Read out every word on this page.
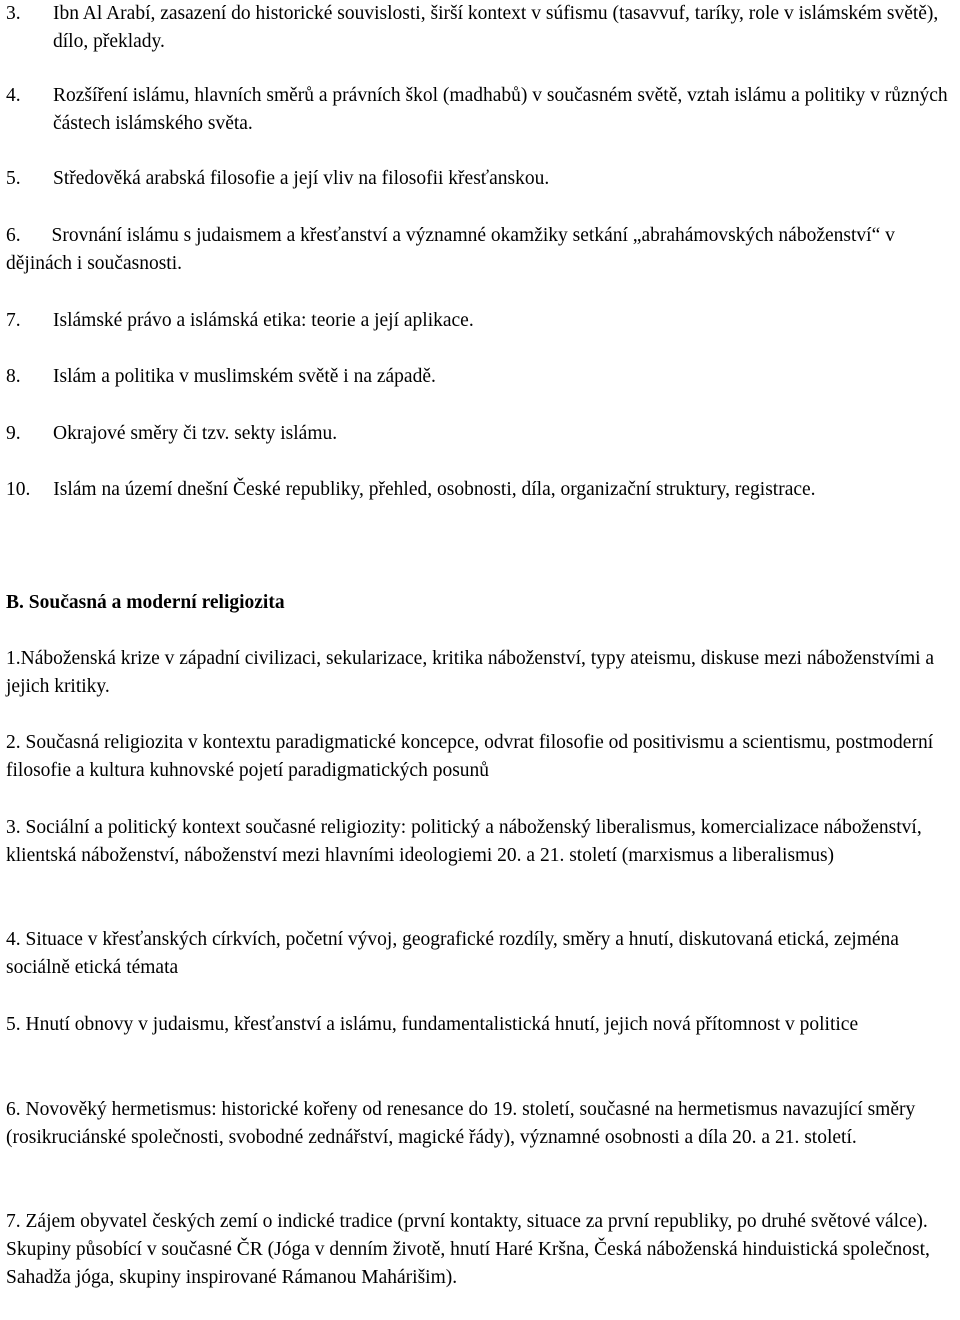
3.	Ibn Al Arabí, zasazení do historické souvislosti, širší kontext v súfismu (tasavvuf, taríky, role v islámském světě), dílo, překlady.
4.	Rozšíření islámu, hlavních směrů a právních škol (madhabů) v současném světě, vztah islámu a politiky v různých částech islámského světa.
5.	Středověká arabská filosofie a její vliv na filosofii křesťanskou.
6. Srovnání islámu s judaismem a křesťanství a významné okamžiky setkání „abrahámovských náboženství“ v dějinách i současnosti.
7.	Islámské právo a islámská etika: teorie a její aplikace.
8.	Islám a politika v muslimském světě i na západě.
9.	Okrajové směry či tzv. sekty islámu.
10. Islám na území dnešní České republiky, přehled, osobnosti, díla, organizační struktury, registrace.
B. Současná a moderní religiozita

1.Náboženská krize v západní civilizaci, sekularizace, kritika náboženství, typy ateismu, diskuse mezi náboženstvími a jejich kritiky.

2. Současná religiozita v kontextu paradigmatické koncepce, odvrat filosofie od positivismu a scientismu, postmoderní filosofie a kultura kuhnovské pojetí paradigmatických posunů

3. Sociální a politický kontext současné religiozity: politický a náboženský liberalismus, komercializace náboženství, klientská náboženství, náboženství mezi hlavními ideologiemi 20. a 21. století (marxismus a liberalismus)

4. Situace v křesťanských církvích, početní vývoj, geografické rozdíly, směry a hnutí, diskutovaná etická, zejména sociálně etická témata

5. Hnutí obnovy v judaismu, křesťanství a islámu, fundamentalistická hnutí, jejich nová přítomnost v politice

6. Novověký hermetismus: historické kořeny od renesance do 19. století, současné na hermetismus navazující směry (rosikruciánské společnosti, svobodné zednářství, magické řády), významné osobnosti a díla 20. a 21. století.

7. Zájem obyvatel českých zemí o indické tradice (první kontakty, situace za první republiky, po druhé světové válce). Skupiny působící v současné ČR (Jóga v denním životě, hnutí Haré Kršna, Česká náboženská hinduistická společnost, Sahadža jóga, skupiny inspirované Rámanou Mahárišim).
